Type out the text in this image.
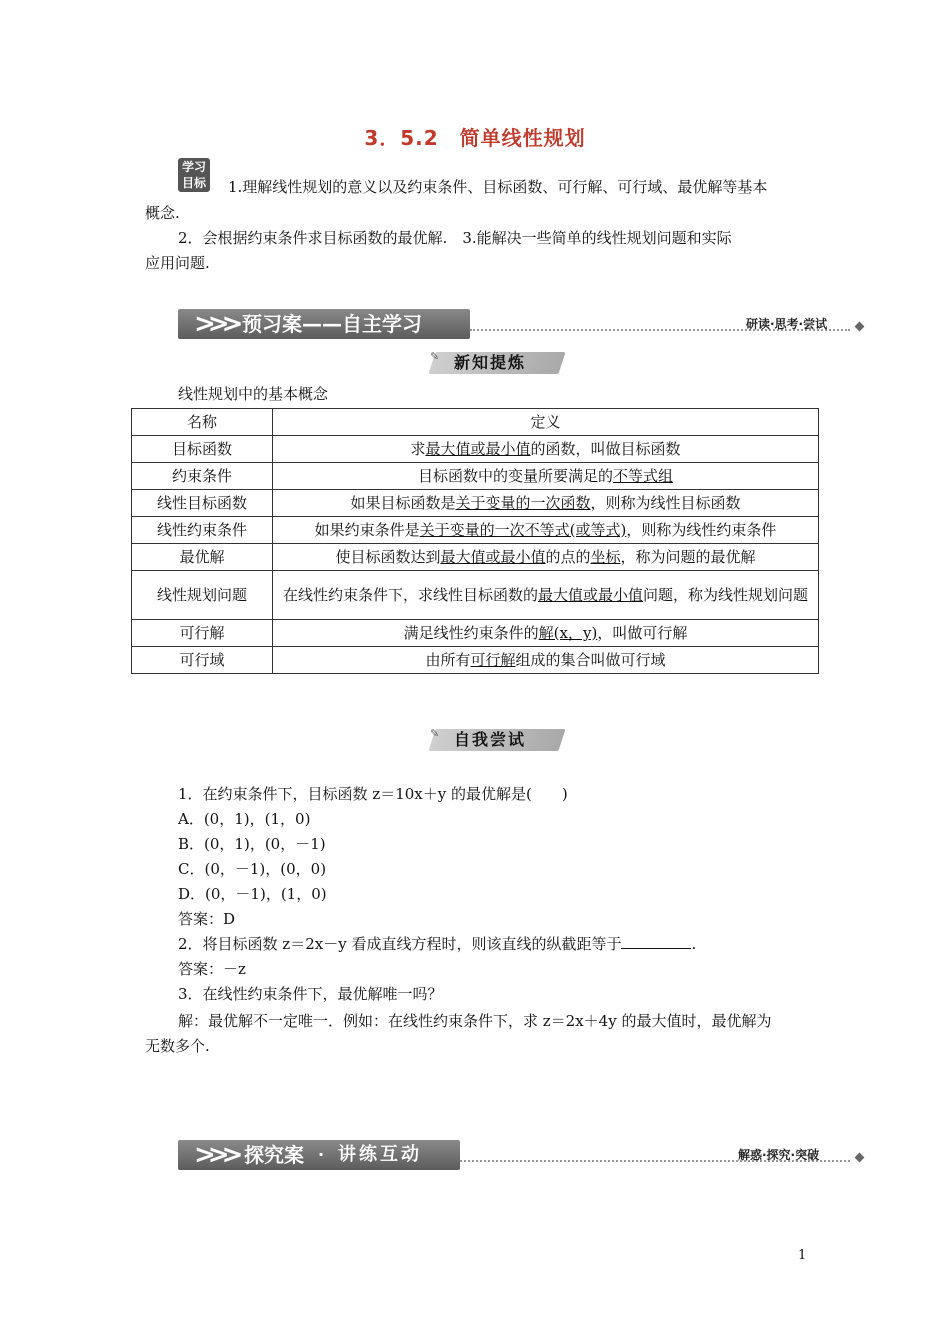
3．5.2　简单线性规划
学习
目标 1.理解线性规划的意义以及约束条件、目标函数、可行解、可行域、最优解等基本
概念.
2．会根据约束条件求目标函数的最优解.　3.能解决一些简单的线性规划问题和实际
应用问题.
>>> 预习案——自主学习	研读·思考·尝试
✎ 新知提炼
线性规划中的基本概念
名称	定义
目标函数	求最大值或最小值的函数，叫做目标函数
约束条件	目标函数中的变量所要满足的不等式组
线性目标函数	如果目标函数是关于变量的一次函数，则称为线性目标函数
线性约束条件	如果约束条件是关于变量的一次不等式(或等式)，则称为线性约束条件
最优解	使目标函数达到最大值或最小值的点的坐标，称为问题的最优解
线性规划问题	在线性约束条件下，求线性目标函数的最大值或最小值问题，称为线性规划问题
可行解	满足线性约束条件的解(x，y)，叫做可行解
可行域	由所有可行解组成的集合叫做可行域
✎ 自我尝试
1．在约束条件下，目标函数 z＝10x＋y 的最优解是(　　)
A．(0，1)，(1，0)
B．(0，1)，(0，－1)
C．(0，－1)，(0，0)
D．(0，－1)，(1，0)
答案：D
2．将目标函数 z＝2x－y 看成直线方程时，则该直线的纵截距等于	.
答案：－z
3．在线性约束条件下，最优解唯一吗？
解：最优解不一定唯一．例如：在线性约束条件下，求 z＝2x＋4y 的最大值时，最优解为
无数多个.
>>> 探究案 · 讲练互动	解惑·探究·突破
1
